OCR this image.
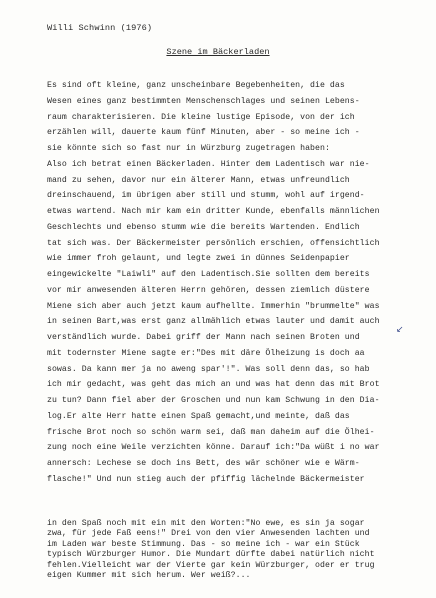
Willi Schwinn (1976)
Szene im Bäckerladen
Es sind oft kleine, ganz unscheinbare Begebenheiten, die das
Wesen eines ganz bestimmten Menschenschlages und seinen Lebens-
raum charakterisieren. Die kleine lustige Episode, von der ich
erzählen will, dauerte kaum fünf Minuten, aber - so meine ich -
sie könnte sich so fast nur in Würzburg zugetragen haben:
Also ich betrat einen Bäckerladen. Hinter dem Ladentisch war nie-
mand zu sehen, davor nur ein älterer Mann, etwas unfreundlich
dreinschauend, im übrigen aber still und stumm, wohl auf irgend-
etwas wartend. Nach mir kam ein dritter Kunde, ebenfalls männlichen
Geschlechts und ebenso stumm wie die bereits Wartenden. Endlich
tat sich was. Der Bäckermeister persönlich erschien, offensichtlich
wie immer froh gelaunt, und legte zwei in dünnes Seidenpapier
eingewickelte "Laiwli" auf den Ladentisch.Sie sollten dem bereits
vor mir anwesenden älteren Herrn gehören, dessen ziemlich düstere
Miene sich aber auch jetzt kaum aufhellte. Immerhin "brummelte" was
in seinen Bart,was erst ganz allmählich etwas lauter und damit auch
verständlich wurde. Dabei griff der Mann nach seinen Broten und
mit todernster Miene sagte er:"Des mit däre Ölheizung is doch aa
sowas. Da kann mer ja no aweng spar'!". Was soll denn das, so hab
ich mir gedacht, was geht das mich an und was hat denn das mit Brot
zu tun? Dann fiel aber der Groschen und nun kam Schwung in den Dia-
log.Er alte Herr hatte einen Spaß gemacht,und meinte, daß das
frische Brot noch so schön warm sei, daß man daheim auf die Ölhei-
zung noch eine Weile verzichten könne. Darauf ich:"Da wüßt i no war
annersch: Lechese se doch ins Bett, des wär schöner wie e Wärm-
flasche!" Und nun stieg auch der pfiffig lächelnde Bäckermeister
in den Spaß noch mit ein mit den Worten:"No ewe, es sin ja sogar
zwa, für jede Faß eens!" Drei von den vier Anwesenden lachten und
im Laden war beste Stimmung. Das - so meine ich - war ein Stück
typisch Würzburger Humor. Die Mundart dürfte dabei natürlich nicht
fehlen.Vielleicht war der Vierte gar kein Würzburger, oder er trug
eigen Kummer mit sich herum. Wer weiß?...
↙
